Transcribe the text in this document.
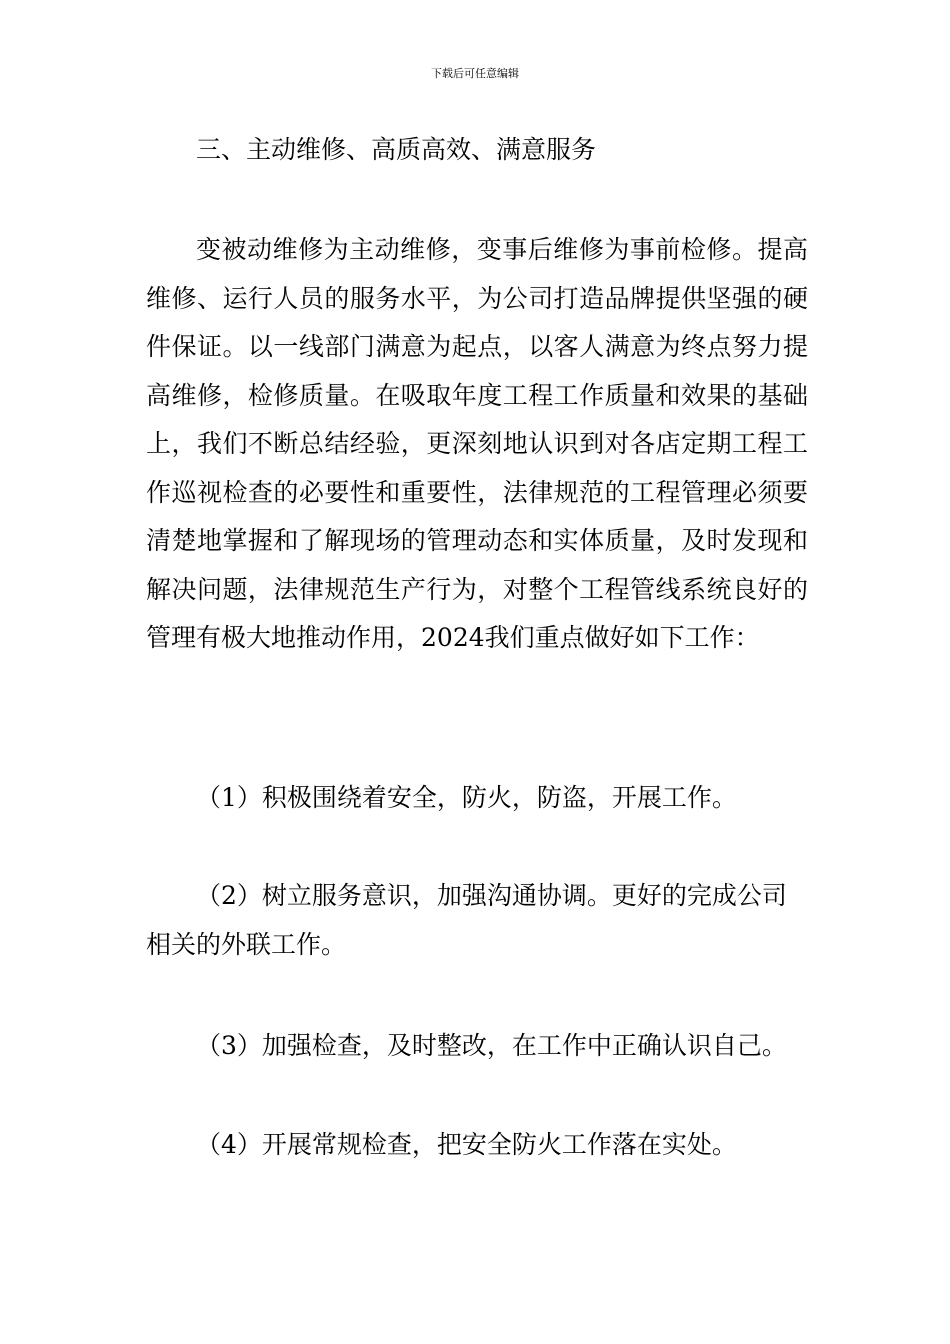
下载后可任意编辑

三、主动维修、高质高效、满意服务

变被动维修为主动维修，变事后维修为事前检修。提高维修、运行人员的服务水平，为公司打造品牌提供坚强的硬件保证。以一线部门满意为起点，以客人满意为终点努力提高维修，检修质量。在吸取年度工程工作质量和效果的基础上，我们不断总结经验，更深刻地认识到对各店定期工程工作巡视检查的必要性和重要性，法律规范的工程管理必须要清楚地掌握和了解现场的管理动态和实体质量，及时发现和解决问题，法律规范生产行为，对整个工程管线系统良好的管理有极大地推动作用，2024我们重点做好如下工作：

（1）积极围绕着安全，防火，防盗，开展工作。

（2）树立服务意识，加强沟通协调。更好的完成公司相关的外联工作。

（3）加强检查，及时整改，在工作中正确认识自己。

（4）开展常规检查，把安全防火工作落在实处。
